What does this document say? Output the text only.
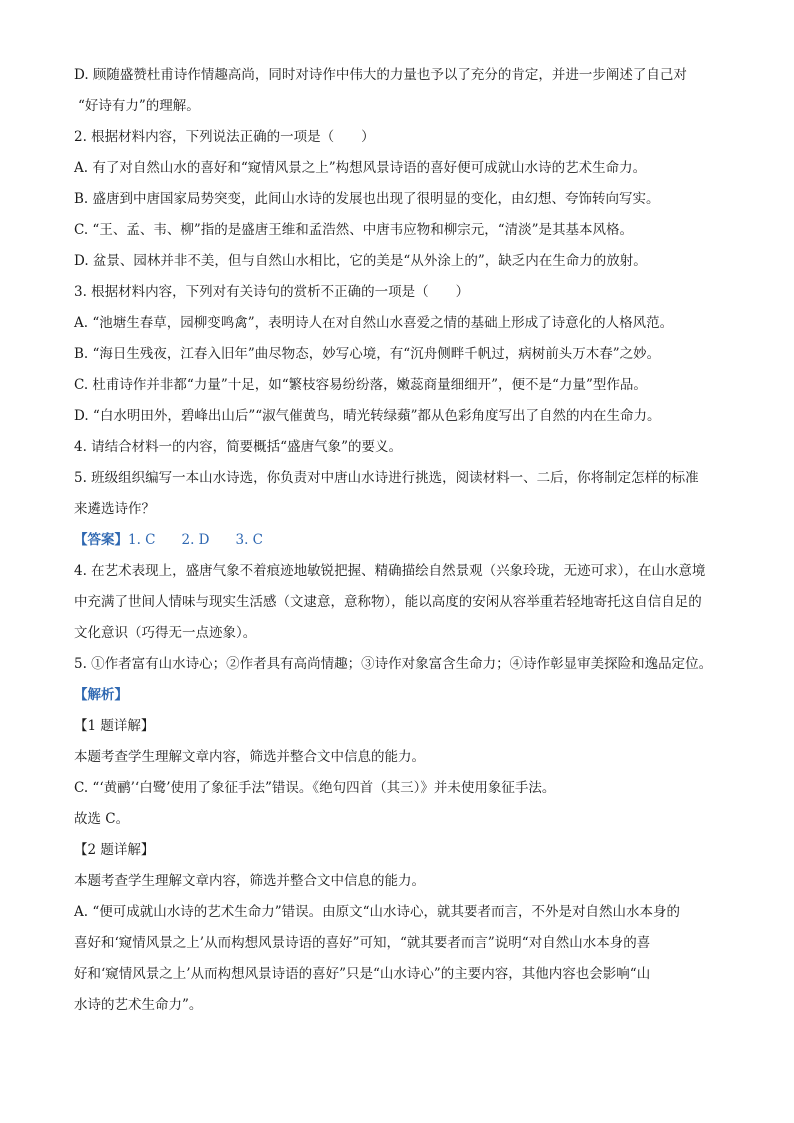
D. 顾随盛赞杜甫诗作情趣高尚，同时对诗作中伟大的力量也予以了充分的肯定，并进一步阐述了自己对

“好诗有力”的理解。

2. 根据材料内容，下列说法正确的一项是（　　）

A. 有了对自然山水的喜好和“窥情风景之上”构想风景诗语的喜好便可成就山水诗的艺术生命力。

B. 盛唐到中唐国家局势突变，此间山水诗的发展也出现了很明显的变化，由幻想、夸饰转向写实。

C. “王、孟、韦、柳”指的是盛唐王维和孟浩然、中唐韦应物和柳宗元，“清淡”是其基本风格。

D. 盆景、园林并非不美，但与自然山水相比，它的美是“从外涂上的”，缺乏内在生命力的放射。

3. 根据材料内容，下列对有关诗句的赏析不正确的一项是（　　）

A. “池塘生春草，园柳变鸣禽”，表明诗人在对自然山水喜爱之情的基础上形成了诗意化的人格风范。

B. “海日生残夜，江春入旧年”曲尽物态，妙写心境，有“沉舟侧畔千帆过，病树前头万木春”之妙。

C. 杜甫诗作并非都“力量”十足，如“繁枝容易纷纷落，嫩蕊商量细细开”，便不是“力量”型作品。

D. “白水明田外，碧峰出山后”“淑气催黄鸟，晴光转绿蘋”都从色彩角度写出了自然的内在生命力。

4. 请结合材料一的内容，简要概括“盛唐气象”的要义。

5. 班级组织编写一本山水诗选，你负责对中唐山水诗进行挑选，阅读材料一、二后，你将制定怎样的标准

来遴选诗作？

【答案】1. C 2. D 3. C

4. 在艺术表现上，盛唐气象不着痕迹地敏锐把握、精确描绘自然景观（兴象玲珑，无迹可求），在山水意境

中充满了世间人情味与现实生活感（文逮意，意称物），能以高度的安闲从容举重若轻地寄托这自信自足的

文化意识（巧得无一点迹象）。

5. ①作者富有山水诗心；②作者具有高尚情趣；③诗作对象富含生命力；④诗作彰显审美探险和逸品定位。

【解析】

【1 题详解】

本题考查学生理解文章内容，筛选并整合文中信息的能力。

C. “‘黄鹂’‘白鹭’使用了象征手法”错误。《绝句四首（其三）》并未使用象征手法。

故选 C。

【2 题详解】

本题考查学生理解文章内容，筛选并整合文中信息的能力。

A. “便可成就山水诗的艺术生命力”错误。由原文“山水诗心，就其要者而言，不外是对自然山水本身的

喜好和‘窥情风景之上’从而构想风景诗语的喜好”可知，“就其要者而言”说明“对自然山水本身的喜

好和‘窥情风景之上’从而构想风景诗语的喜好”只是“山水诗心”的主要内容，其他内容也会影响“山

水诗的艺术生命力”。
